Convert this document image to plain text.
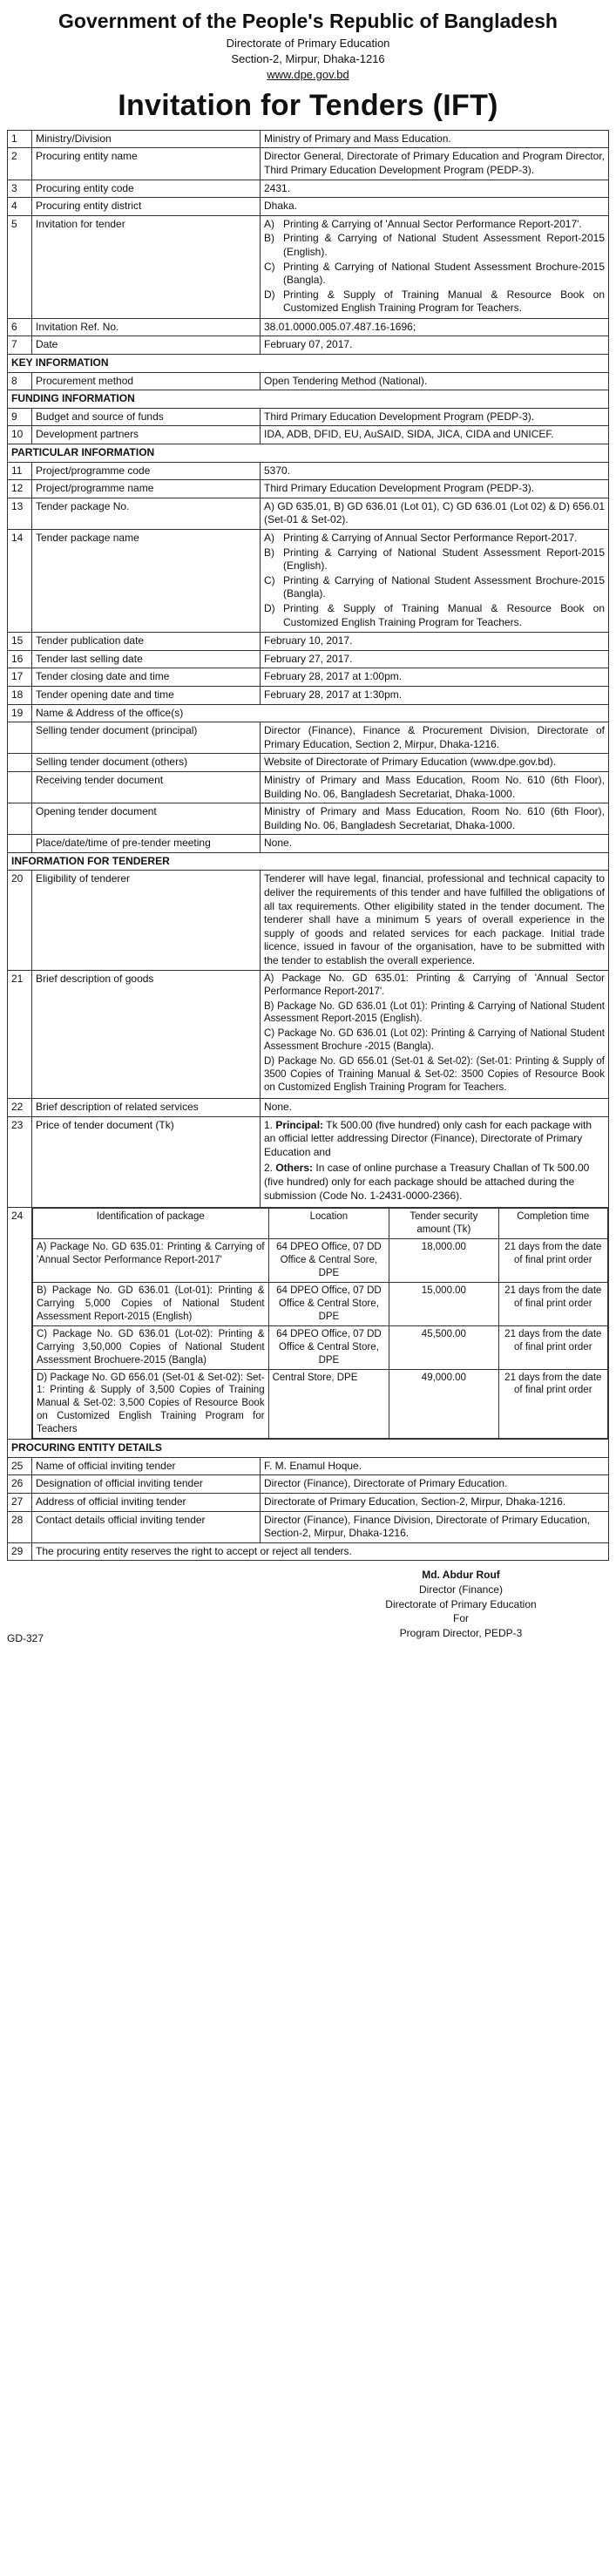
Government of the People's Republic of Bangladesh
Directorate of Primary Education
Section-2, Mirpur, Dhaka-1216
www.dpe.gov.bd
Invitation for Tenders (IFT)
1	Ministry/Division	Ministry of Primary and Mass Education.
2	Procuring entity name	Director General, Directorate of Primary Education and Program Director, Third Primary Education Development Program (PEDP-3).
3	Procuring entity code	2431.
4	Procuring entity district	Dhaka.
5	Invitation for tender	A) Printing & Carrying of 'Annual Sector Performance Report-2017'.
B) Printing & Carrying of National Student Assessment Report-2015 (English).
C) Printing & Carrying of National Student Assessment Brochure-2015 (Bangla).
D) Printing & Supply of Training Manual & Resource Book on Customized English Training Program for Teachers.

6	Invitation Ref. No.	38.01.0000.005.07.487.16-1696;
7	Date	February 07, 2017.
KEY INFORMATION
8	Procurement method	Open Tendering Method (National).
FUNDING INFORMATION
9	Budget and source of funds	Third Primary Education Development Program (PEDP-3).
10	Development partners	IDA, ADB, DFID, EU, AuSAID, SIDA, JICA, CIDA and UNICEF.
PARTICULAR INFORMATION
11	Project/programme code	5370.
12	Project/programme name	Third Primary Education Development Program (PEDP-3).
13	Tender package No.	A) GD 635.01, B) GD 636.01 (Lot 01), C) GD 636.01 (Lot 02) & D) 656.01 (Set-01 & Set-02).
14	Tender package name	A) Printing & Carrying of Annual Sector Performance Report-2017.
B) Printing & Carrying of National Student Assessment Report-2015 (English).
C) Printing & Carrying of National Student Assessment Brochure-2015 (Bangla).
D) Printing & Supply of Training Manual & Resource Book on Customized English Training Program for Teachers.

15	Tender publication date	February 10, 2017.
16	Tender last selling date	February 27, 2017.
17	Tender closing date and time	February 28, 2017 at 1:00pm.
18	Tender opening date and time	February 28, 2017 at 1:30pm.
19	Name & Address of the office(s)
	Selling tender document (principal)	Director (Finance), Finance & Procurement Division, Directorate of Primary Education, Section 2, Mirpur, Dhaka-1216.
	Selling tender document (others)	Website of Directorate of Primary Education (www.dpe.gov.bd).
	Receiving tender document	Ministry of Primary and Mass Education, Room No. 610 (6th Floor), Building No. 06, Bangladesh Secretariat, Dhaka-1000.
	Opening tender document	Ministry of Primary and Mass Education, Room No. 610 (6th Floor), Building No. 06, Bangladesh Secretariat, Dhaka-1000.
	Place/date/time of pre-tender meeting	None.
INFORMATION FOR TENDERER
20	Eligibility of tenderer	Tenderer will have legal, financial, professional and technical capacity to deliver the requirements of this tender and have fulfilled the obligations of all tax requirements. Other eligibility stated in the tender document. The tenderer shall have a minimum 5 years of overall experience in the supply of goods and related services for each package. Initial trade licence, issued in favour of the organisation, have to be submitted with the tender to establish the overall experience.
21	Brief description of goods	A) Package No. GD 635.01: Printing & Carrying of 'Annual Sector Performance Report-2017'.

B) Package No. GD 636.01 (Lot 01): Printing & Carrying of National Student Assessment Report-2015 (English).

C) Package No. GD 636.01 (Lot 02): Printing & Carrying of National Student Assessment Brochure -2015 (Bangla).

D) Package No. GD 656.01 (Set-01 & Set-02): (Set-01: Printing & Supply of 3500 Copies of Training Manual & Set-02: 3500 Copies of Resource Book on Customized English Training Program for Teachers.

22	Brief description of related services	None.
23	Price of tender document (Tk)	1. Principal: Tk 500.00 (five hundred) only cash for each package with an official letter addressing Director (Finance), Directorate of Primary Education and

2. Others: In case of online purchase a Treasury Challan of Tk 500.00 (five hundred) only for each package should be attached during the submission (Code No. 1-2431-0000-2366).

24		Identification of package	Location	Tender security amount (Tk)	Completion time
A) Package No. GD 635.01: Printing & Carrying of 'Annual Sector Performance Report-2017'	64 DPEO Office, 07 DD Office & Central Sore, DPE	18,000.00	21 days from the date of final print order
B) Package No. GD 636.01 (Lot-01): Printing & Carrying 5,000 Copies of National Student Assessment Report-2015 (English)	64 DPEO Office, 07 DD Office & Central Store, DPE	15,000.00	21 days from the date of final print order
C) Package No. GD 636.01 (Lot-02): Printing & Carrying 3,50,000 Copies of National Student Assessment Brochuere-2015 (Bangla)	64 DPEO Office, 07 DD Office & Central Store, DPE	45,500.00	21 days from the date of final print order
D) Package No. GD 656.01 (Set-01 & Set-02): Set-1: Printing & Supply of 3,500 Copies of Training Manual & Set-02: 3,500 Copies of Resource Book on Customized English Training Program for Teachers	Central Store, DPE	49,000.00	21 days from the date of final print order

PROCURING ENTITY DETAILS
25	Name of official inviting tender	F. M. Enamul Hoque.
26	Designation of official inviting tender	Director (Finance), Directorate of Primary Education.
27	Address of official inviting tender	Directorate of Primary Education, Section-2, Mirpur, Dhaka-1216.
28	Contact details official inviting tender	Director (Finance), Finance Division, Directorate of Primary Education, Section-2, Mirpur, Dhaka-1216.
29	The procuring entity reserves the right to accept or reject all tenders.
Md. Abdur Rouf
Director (Finance)
Directorate of Primary Education
For
Program Director, PEDP-3
GD-327
